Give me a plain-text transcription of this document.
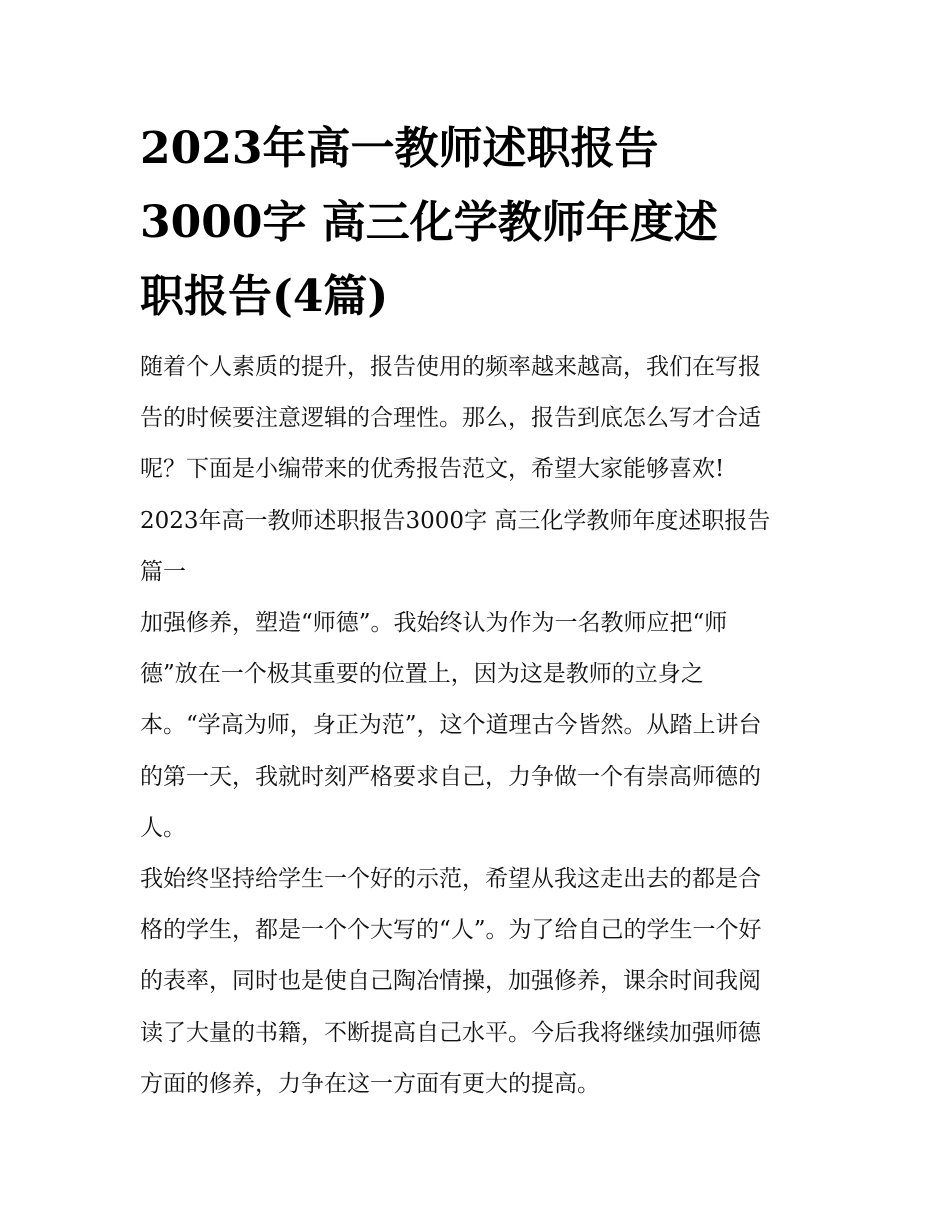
2023年高一教师述职报告
3000字 高三化学教师年度述
职报告(4篇)

随着个人素质的提升，报告使用的频率越来越高，我们在写报
告的时候要注意逻辑的合理性。那么，报告到底怎么写才合适
呢？下面是小编带来的优秀报告范文，希望大家能够喜欢!

2023年高一教师述职报告3000字 高三化学教师年度述职报告
篇一

加强修养，塑造“师德”。我始终认为作为一名教师应把“师
德”放在一个极其重要的位置上，因为这是教师的立身之
本。“学高为师，身正为范”，这个道理古今皆然。从踏上讲台
的第一天，我就时刻严格要求自己，力争做一个有崇高师德的
人。

我始终坚持给学生一个好的示范，希望从我这走出去的都是合
格的学生，都是一个个大写的“人”。为了给自己的学生一个好
的表率，同时也是使自己陶冶情操，加强修养，课余时间我阅
读了大量的书籍，不断提高自己水平。今后我将继续加强师德
方面的修养，力争在这一方面有更大的提高。
